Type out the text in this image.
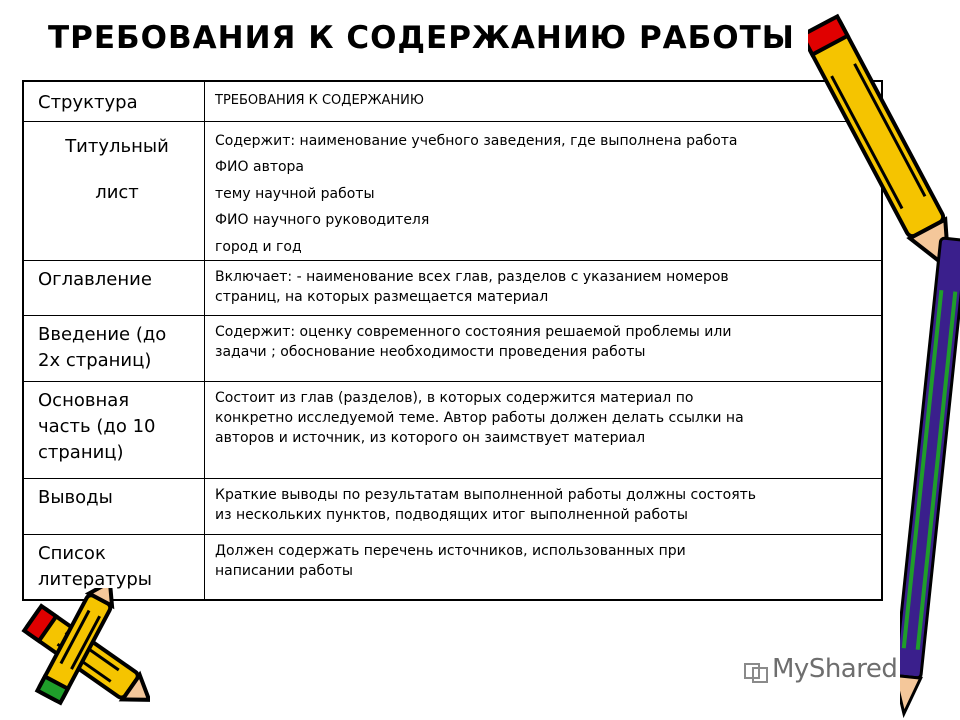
ТРЕБОВАНИЯ К СОДЕРЖАНИЮ РАБОТЫ
Структура	ТРЕБОВАНИЯ К СОДЕРЖАНИЮ

Титульный
лист	Содержит: наименование учебного заведения, где выполнена работа
ФИО автора
тему научной работы
ФИО научного руководителя
город и год

Оглавление	Включает: - наименование всех глав, разделов с указанием номеров
страниц, на которых размещается материал

Введение (до
2х страниц)	Содержит: оценку современного состояния решаемой проблемы или
задачи ; обоснование необходимости проведения работы

Основная
часть (до 10
страниц)	Состоит из глав (разделов), в которых содержится материал по
конкретно исследуемой теме. Автор работы должен делать ссылки на
авторов и источник, из которого он заимствует материал

Выводы	Краткие выводы по результатам выполненной работы должны состоять
из нескольких пунктов, подводящих итог выполненной работы

Список
литературы	Должен содержать перечень источников, использованных при
написании работы
MyShared
